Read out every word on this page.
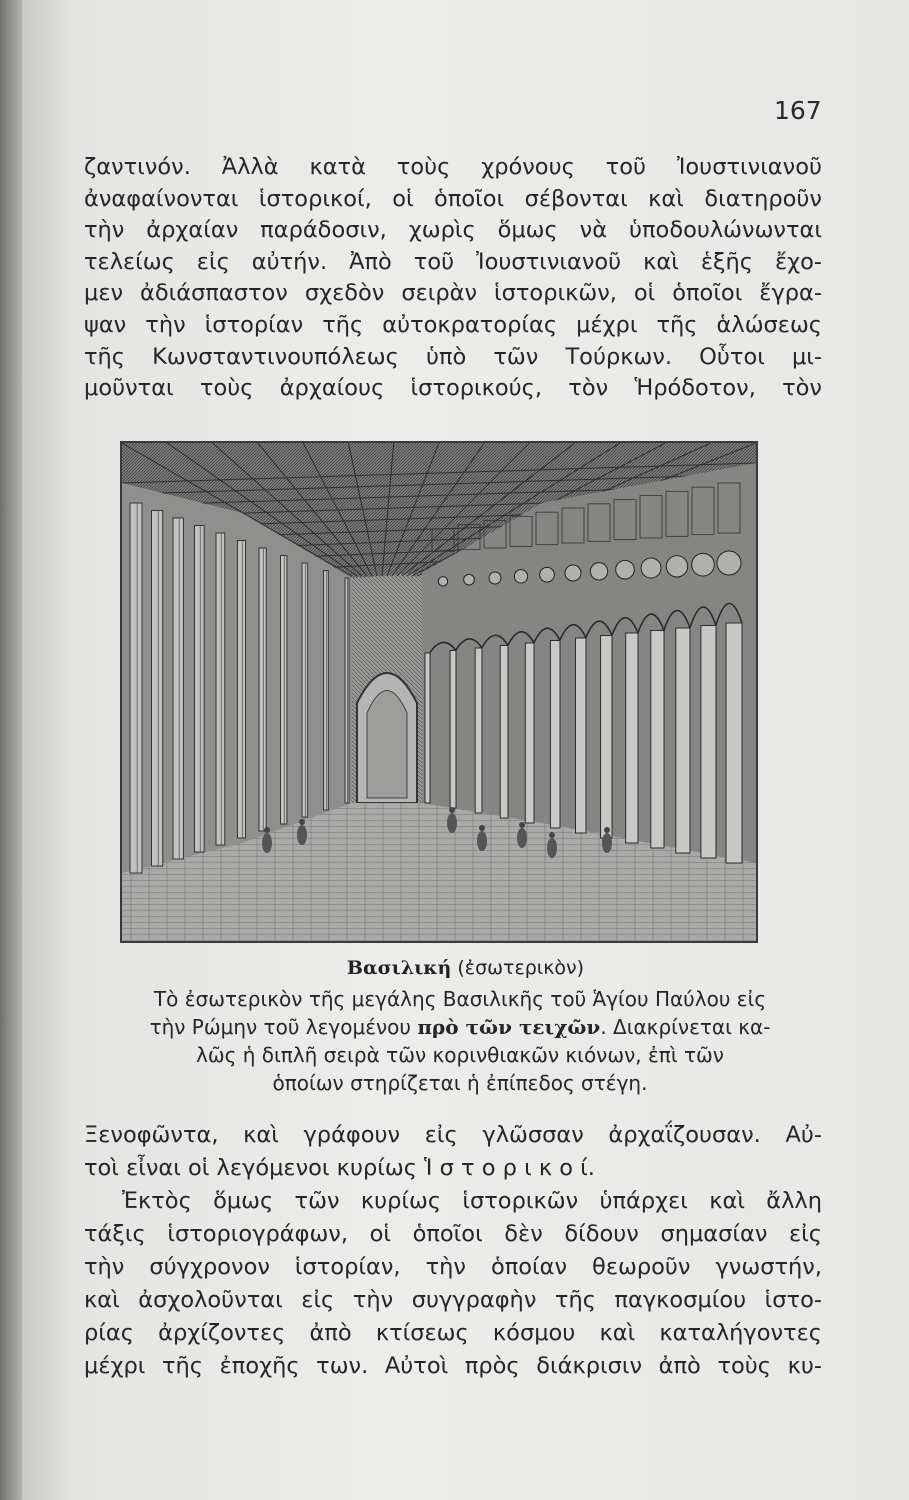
167
ζαντινόν. Ἀλλὰ κατὰ τοὺς χρόνους τοῦ Ἰουστινιανοῦ
ἀναφαίνονται ἱστορικοί, οἱ ὁποῖοι σέβονται καὶ διατηροῦν
τὴν ἀρχαίαν παράδοσιν, χωρὶς ὅμως νὰ ὑποδουλώνωνται
τελείως εἰς αὐτήν. Ἀπὸ τοῦ Ἰουστινιανοῦ καὶ ἑξῆς ἔχο-
μεν ἀδιάσπαστον σχεδὸν σειρὰν ἱστορικῶν, οἱ ὁποῖοι ἔγρα-
ψαν τὴν ἱστορίαν τῆς αὐτοκρατορίας μέχρι τῆς ἁλώσεως
τῆς Κωνσταντινουπόλεως ὑπὸ τῶν Τούρκων. Οὗτοι μι-
μοῦνται τοὺς ἀρχαίους ἱστορικούς, τὸν Ἡρόδοτον, τὸν
Βασιλική (ἐσωτερικὸν)
Τὸ ἐσωτερικὸν τῆς μεγάλης Βασιλικῆς τοῦ Ἁγίου Παύλου εἰς
τὴν Ρώμην τοῦ λεγομένου πρὸ τῶν τειχῶν. Διακρίνεται κα-
λῶς ἡ διπλῆ σειρὰ τῶν κορινθιακῶν κιόνων, ἐπὶ τῶν
ὁποίων στηρίζεται ἡ ἐπίπεδος στέγη.
Ξενοφῶντα, καὶ γράφουν εἰς γλῶσσαν ἀρχαΐζουσαν. Αὐ-
τοὶ εἶναι οἱ λεγόμενοι κυρίως Ἱ σ τ ο ρ ι κ ο ί.
Ἐκτὸς ὅμως τῶν κυρίως ἱστορικῶν ὑπάρχει καὶ ἄλλη
τάξις ἱστοριογράφων, οἱ ὁποῖοι δὲν δίδουν σημασίαν εἰς
τὴν σύγχρονον ἱστορίαν, τὴν ὁποίαν θεωροῦν γνωστήν,
καὶ ἀσχολοῦνται εἰς τὴν συγγραφὴν τῆς παγκοσμίου ἱστο-
ρίας ἀρχίζοντες ἀπὸ κτίσεως κόσμου καὶ καταλήγοντες
μέχρι τῆς ἐποχῆς των. Αὐτοὶ πρὸς διάκρισιν ἀπὸ τοὺς κυ-
